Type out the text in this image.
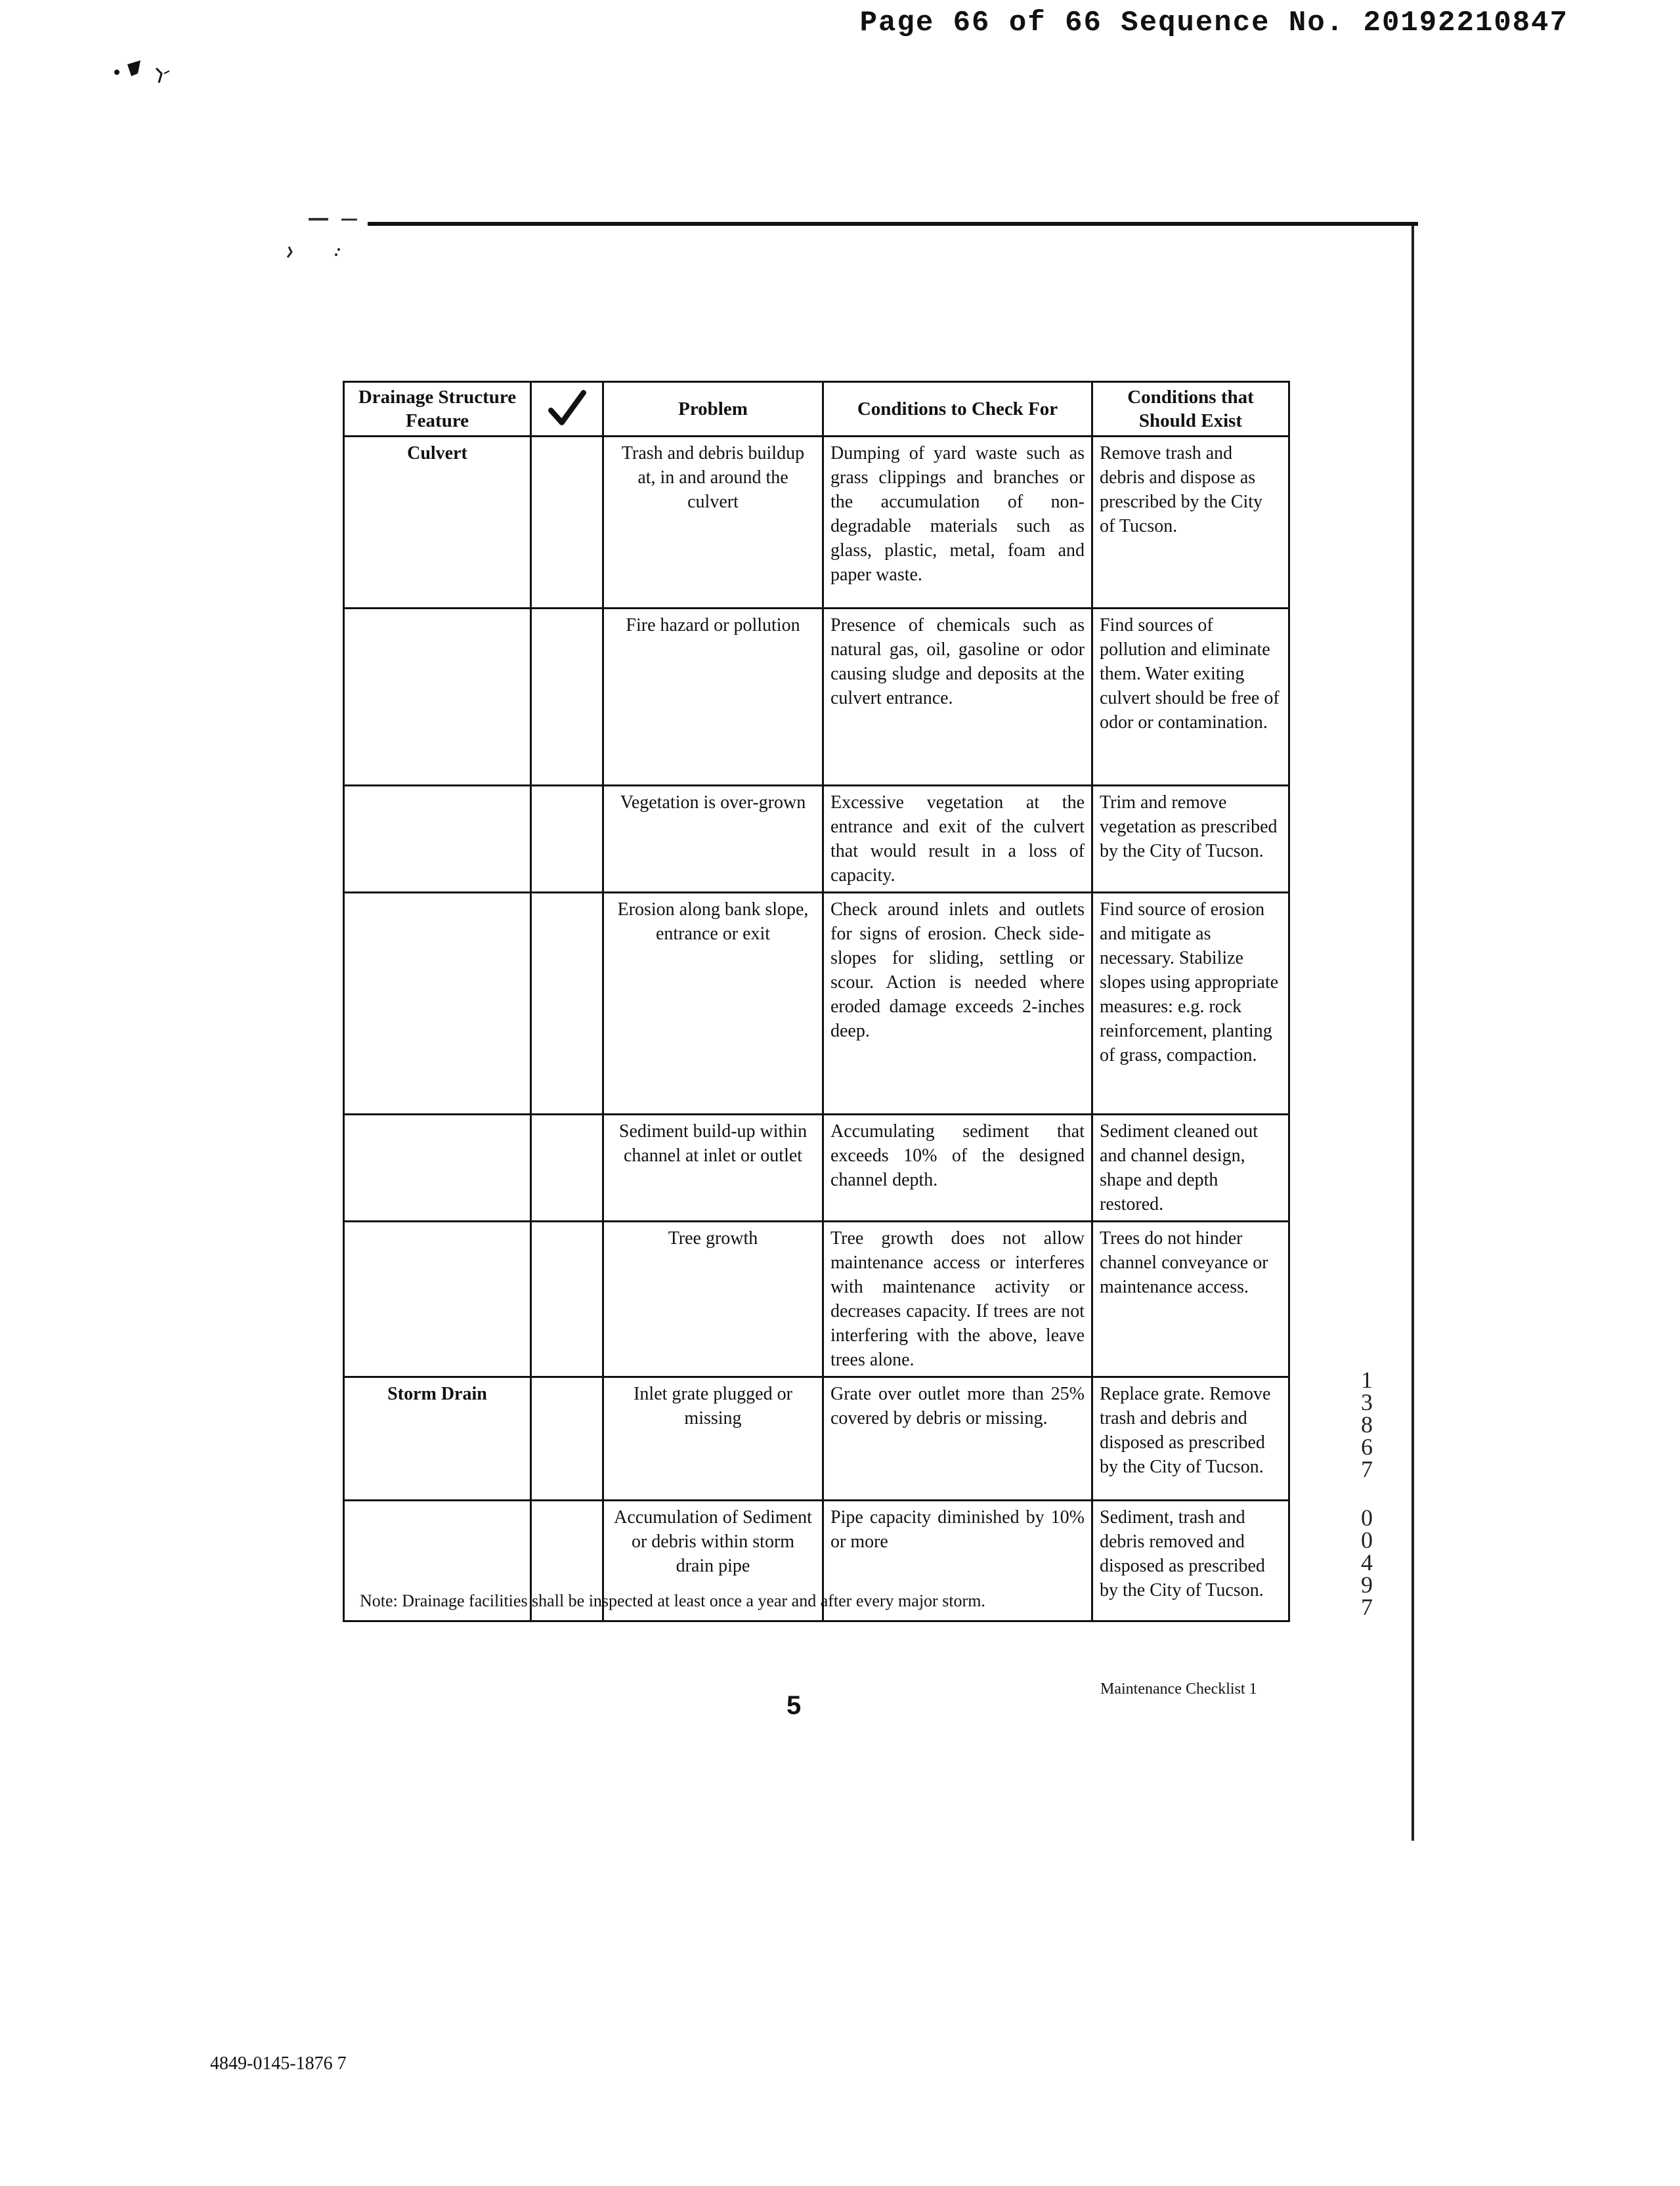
Page 66 of 66 Sequence No. 20192210847
Drainage Structure Feature		Problem	Conditions to Check For	Conditions that Should Exist
Culvert		Trash and debris buildup at, in and around the culvert	Dumping of yard waste such as grass clippings and branches or the accumulation of non-degradable materials such as glass, plastic, metal, foam and paper waste.	Remove trash and debris and dispose as prescribed by the City of Tucson.
		Fire hazard or pollution	Presence of chemicals such as natural gas, oil, gasoline or odor causing sludge and deposits at the culvert entrance.	Find sources of pollution and eliminate them. Water exiting culvert should be free of odor or contamination.
		Vegetation is over-grown	Excessive vegetation at the entrance and exit of the culvert that would result in a loss of capacity.	Trim and remove vegetation as prescribed by the City of Tucson.
		Erosion along bank slope, entrance or exit	Check around inlets and outlets for signs of erosion. Check side-slopes for sliding, settling or scour. Action is needed where eroded damage exceeds 2-inches deep.	Find source of erosion and mitigate as necessary. Stabilize slopes using appropriate measures: e.g. rock reinforcement, planting of grass, compaction.
		Sediment build-up within channel at inlet or outlet	Accumulating sediment that exceeds 10% of the designed channel depth.	Sediment cleaned out and channel design, shape and depth restored.
		Tree growth	Tree growth does not allow maintenance access or interferes with maintenance activity or decreases capacity. If trees are not interfering with the above, leave trees alone.	Trees do not hinder channel conveyance or maintenance access.
Storm Drain		Inlet grate plugged or missing	Grate over outlet more than 25% covered by debris or missing.	Replace grate. Remove trash and debris and disposed as prescribed by the City of Tucson.
		Accumulation of Sediment or debris within storm drain pipe	Pipe capacity diminished by 10% or more	Sediment, trash and debris removed and disposed as prescribed by the City of Tucson.
Note: Drainage facilities shall be inspected at least once a year and after every major storm.
5
Maintenance Checklist 1
1
3
8
6
7
0
0
4
9
7
4849-0145-1876 7
